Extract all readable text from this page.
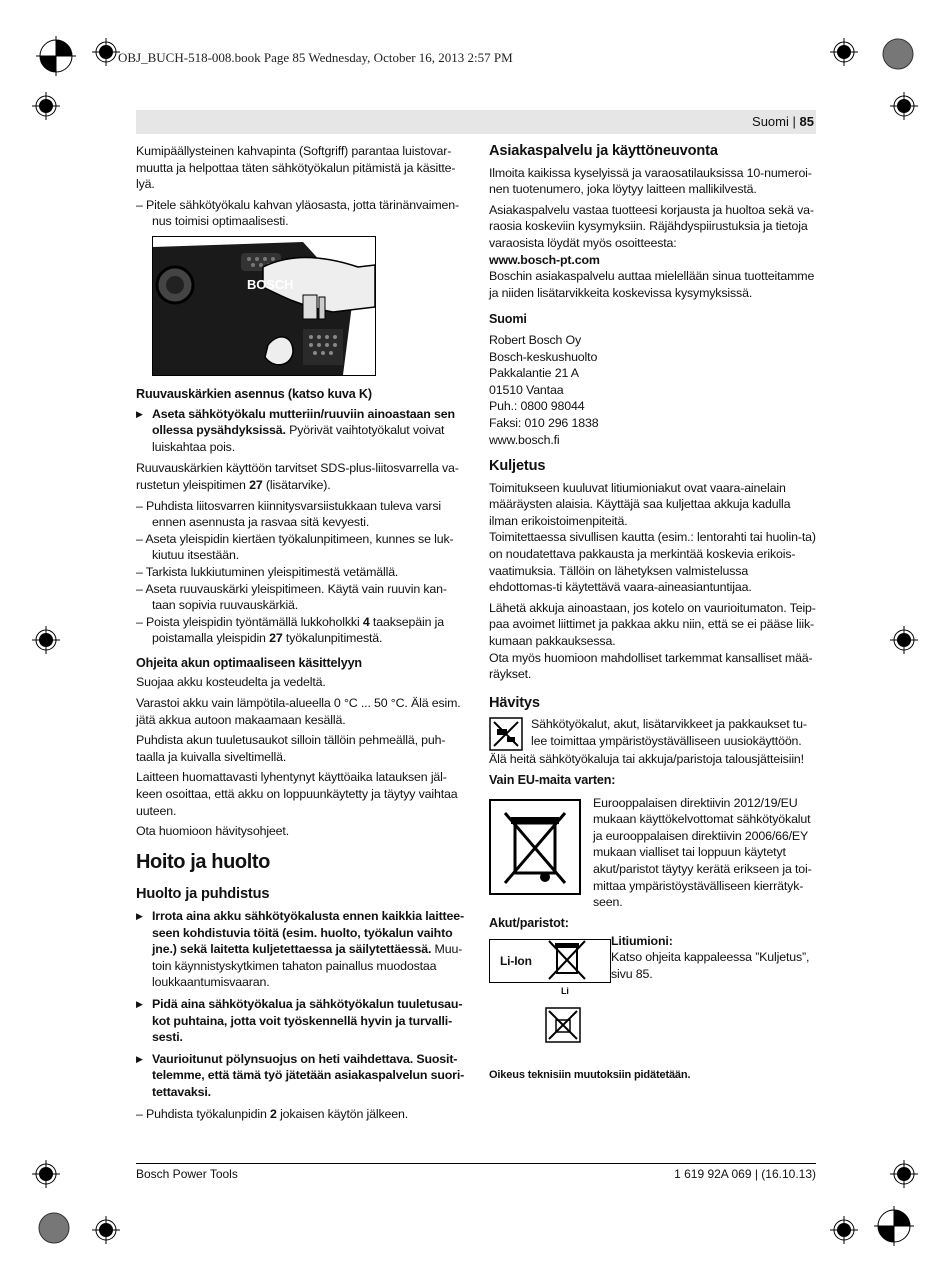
OBJ_BUCH-518-008.book Page 85 Wednesday, October 16, 2013 2:57 PM
Suomi | 85

Kumipäällysteinen kahvapinta (Softgriff) parantaa luistovar-muutta ja helpottaa täten sähkötyökalun pitämistä ja käsitte-lyä.

– Pitele sähkötyökalu kahvan yläosasta, jotta tärinänvaimen-nus toimisi optimaalisesti.

BOSCH
Ruuvauskärkien asennus (katso kuva K)

▶ Aseta sähkötyökalu mutteriin/ruuviin ainoastaan sen ollessa pysähdyksissä. Pyörivät vaihtotyökalut voivat luiskahtaa pois.

Ruuvauskärkien käyttöön tarvitset SDS-plus-liitosvarrella va-rustetun yleispitimen 27 (lisätarvike).

– Puhdista liitosvarren kiinnitysvarsiistukkaan tuleva varsi ennen asennusta ja rasvaa sitä kevyesti.

– Aseta yleispidin kiertäen työkalunpitimeen, kunnes se luk-kiutuu itsestään.

– Tarkista lukkiutuminen yleispitimestä vetämällä.

– Aseta ruuvauskärki yleispitimeen. Käytä vain ruuvin kan-taan sopivia ruuvauskärkiä.

– Poista yleispidin työntämällä lukkoholkki 4 taaksepäin ja poistamalla yleispidin 27 työkalunpitimestä.

Ohjeita akun optimaaliseen käsittelyyn

Suojaa akku kosteudelta ja vedeltä.

Varastoi akku vain lämpötila-alueella 0 °C ... 50 °C. Älä esim. jätä akkua autoon makaamaan kesällä.

Puhdista akun tuuletusaukot silloin tällöin pehmeällä, puh-taalla ja kuivalla siveltimellä.

Laitteen huomattavasti lyhentynyt käyttöaika latauksen jäl-keen osoittaa, että akku on loppuunkäytetty ja täytyy vaihtaa uuteen.

Ota huomioon hävitysohjeet.

Hoito ja huolto
Huolto ja puhdistus

▶ Irrota aina akku sähkötyökalusta ennen kaikkia laittee-seen kohdistuvia töitä (esim. huolto, työkalun vaihto jne.) sekä laitetta kuljetettaessa ja säilytettäessä. Muu-toin käynnistyskytkimen tahaton painallus muodostaa loukkaantumisvaaran.

▶ Pidä aina sähkötyökalua ja sähkötyökalun tuuletusau-kot puhtaina, jotta voit työskennellä hyvin ja turvalli-sesti.

▶ Vaurioitunut pölynsuojus on heti vaihdettava. Suosit-telemme, että tämä työ jätetään asiakaspalvelun suori-tettavaksi.

– Puhdista työkalunpidin 2 jokaisen käytön jälkeen.

Asiakaspalvelu ja käyttöneuvonta

Ilmoita kaikissa kyselyissä ja varaosatilauksissa 10-numeroi-nen tuotenumero, joka löytyy laitteen mallikilvestä.

Asiakaspalvelu vastaa tuotteesi korjausta ja huoltoa sekä va-raosia koskeviin kysymyksiin. Räjähdyspiirustuksia ja tietoja varaosista löydät myös osoitteesta:

www.bosch-pt.com

Boschin asiakaspalvelu auttaa mielellään sinua tuotteitamme ja niiden lisätarvikkeita koskevissa kysymyksissä.

Suomi
Robert Bosch Oy
Bosch-keskushuolto
Pakkalantie 21 A
01510 Vantaa
Puh.: 0800 98044
Faksi: 010 296 1838
www.bosch.fi
Kuljetus

Toimitukseen kuuluvat litiumioniakut ovat vaara-ainelain määräysten alaisia. Käyttäjä saa kuljettaa akkuja kadulla ilman erikoistoimenpiteitä.

Toimitettaessa sivullisen kautta (esim.: lentorahti tai huolin-ta) on noudatettava pakkausta ja merkintää koskevia erikois-vaatimuksia. Tällöin on lähetyksen valmistelussa ehdottomas-ti käytettävä vaara-aineasiantuntijaa.

Lähetä akkuja ainoastaan, jos kotelo on vaurioitumaton. Teip-paa avoimet liittimet ja pakkaa akku niin, että se ei pääse liik-kumaan pakkauksessa.

Ota myös huomioon mahdolliset tarkemmat kansalliset mää-räykset.

Hävitys

Sähkötyökalut, akut, lisätarvikkeet ja pakkaukset tu-lee toimittaa ympäristöystävälliseen uusiokäyttöön.

Älä heitä sähkötyökaluja tai akkuja/paristoja talousjätteisiin!

Vain EU-maita varten:

Eurooppalaisen direktiivin 2012/19/EU mukaan käyttökelvottomat sähkötyökalut ja eurooppalaisen direktiivin 2006/66/EY mukaan vialliset tai loppuun käytetyt akut/paristot täytyy kerätä erikseen ja toi-mittaa ympäristöystävälliseen kierrätyk-seen.

Akut/paristot:
Li-Ion
Li
Litiumioni:
Katso ohjeita kappaleessa ”Kuljetus”, sivu 85.

Oikeus teknisiin muutoksiin pidätetään.

Bosch Power Tools	1 619 92A 069 | (16.10.13)
